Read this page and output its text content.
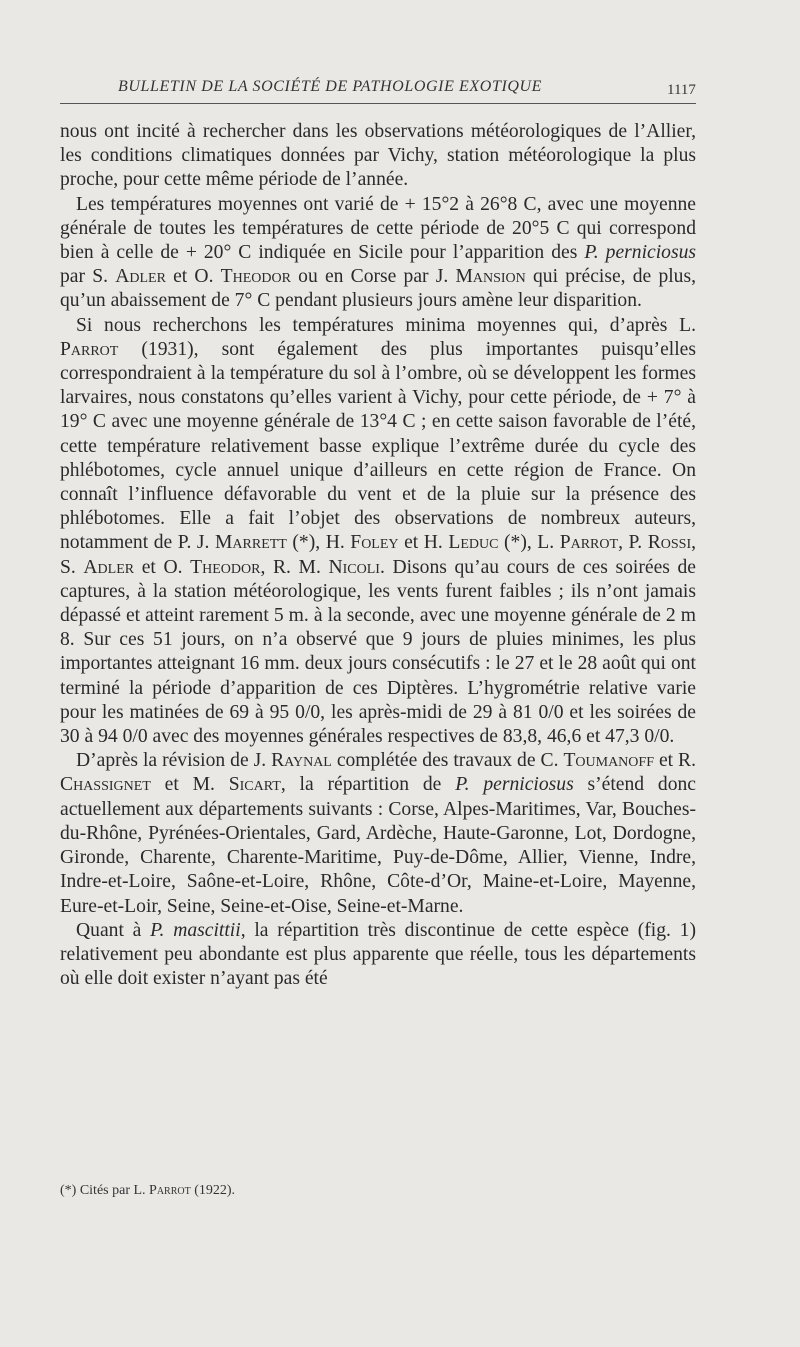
BULLETIN DE LA SOCIÉTÉ DE PATHOLOGIE EXOTIQUE	1117

nous ont incité à rechercher dans les observations météorologiques de l’Allier, les conditions climatiques données par Vichy, station météorologique la plus proche, pour cette même période de l’année.

Les températures moyennes ont varié de + 15°2 à 26°8 C, avec une moyenne générale de toutes les températures de cette période de 20°5 C qui correspond bien à celle de + 20° C indiquée en Sicile pour l’apparition des P. perniciosus par S. Adler et O. Theodor ou en Corse par J. Mansion qui précise, de plus, qu’un abaissement de 7° C pendant plusieurs jours amène leur disparition.

Si nous recherchons les températures minima moyennes qui, d’après L. Parrot (1931), sont également des plus importantes puisqu’elles correspondraient à la température du sol à l’ombre, où se développent les formes larvaires, nous constatons qu’elles varient à Vichy, pour cette période, de + 7° à 19° C avec une moyenne générale de 13°4 C ; en cette saison favorable de l’été, cette température relativement basse explique l’extrême durée du cycle des phlébotomes, cycle annuel unique d’ailleurs en cette région de France. On connaît l’influence défavorable du vent et de la pluie sur la présence des phlébotomes. Elle a fait l’objet des observations de nombreux auteurs, notamment de P. J. Marrett (*), H. Foley et H. Leduc (*), L. Parrot, P. Rossi, S. Adler et O. Theodor, R. M. Nicoli. Disons qu’au cours de ces soirées de captures, à la station météorologique, les vents furent faibles ; ils n’ont jamais dépassé et atteint rarement 5 m. à la seconde, avec une moyenne générale de 2 m 8. Sur ces 51 jours, on n’a observé que 9 jours de pluies minimes, les plus importantes atteignant 16 mm. deux jours consécutifs : le 27 et le 28 août qui ont terminé la période d’apparition de ces Diptères. L’hygrométrie relative varie pour les matinées de 69 à 95 0/0, les après-midi de 29 à 81 0/0 et les soirées de 30 à 94 0/0 avec des moyennes générales respectives de 83,8, 46,6 et 47,3 0/0.

D’après la révision de J. Raynal complétée des travaux de C. Toumanoff et R. Chassignet et M. Sicart, la répartition de P. perniciosus s’étend donc actuellement aux départements suivants : Corse, Alpes-Maritimes, Var, Bouches-du-Rhône, Pyrénées-Orientales, Gard, Ardèche, Haute-Garonne, Lot, Dordogne, Gironde, Charente, Charente-Maritime, Puy-de-Dôme, Allier, Vienne, Indre, Indre-et-Loire, Saône-et-Loire, Rhône, Côte-d’Or, Maine-et-Loire, Mayenne, Eure-et-Loir, Seine, Seine-et-Oise, Seine-et-Marne.

Quant à P. mascittii, la répartition très discontinue de cette espèce (fig. 1) relativement peu abondante est plus apparente que réelle, tous les départements où elle doit exister n’ayant pas été

(*) Cités par L. Parrot (1922).
